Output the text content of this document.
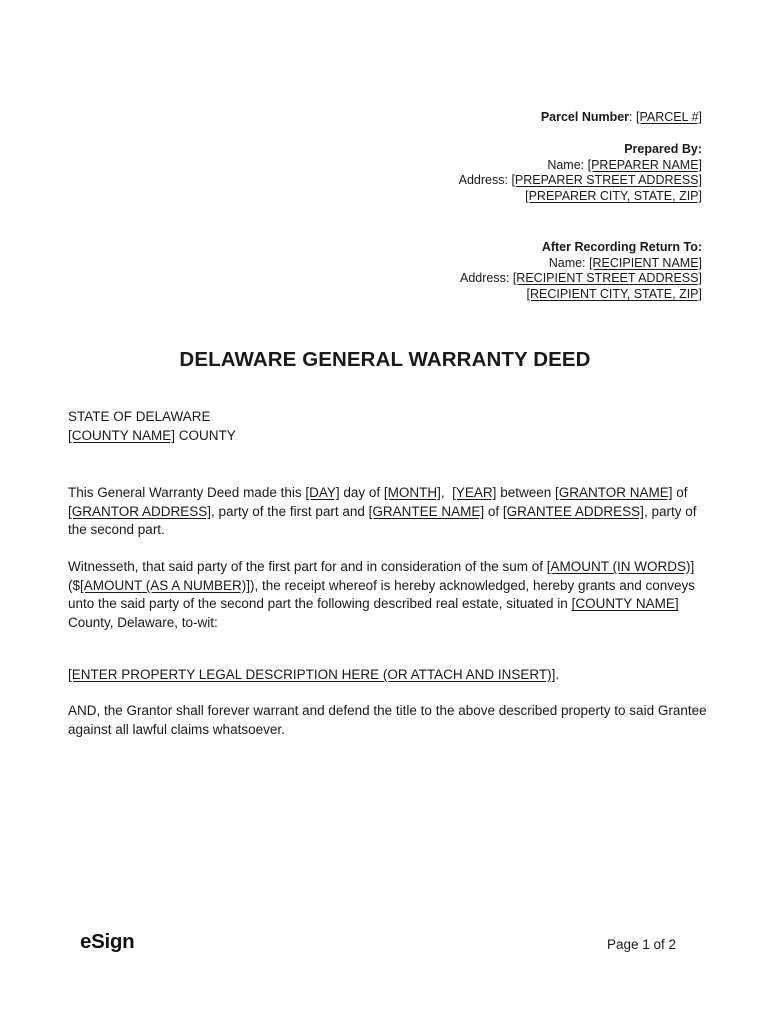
Parcel Number: [PARCEL #]
Prepared By:
Name: [PREPARER NAME]
Address: [PREPARER STREET ADDRESS]
[PREPARER CITY, STATE, ZIP]
After Recording Return To:
Name: [RECIPIENT NAME]
Address: [RECIPIENT STREET ADDRESS]
[RECIPIENT CITY, STATE, ZIP]
DELAWARE GENERAL WARRANTY DEED
STATE OF DELAWARE
[COUNTY NAME] COUNTY
This General Warranty Deed made this [DAY] day of [MONTH],  [YEAR] between [GRANTOR NAME] of [GRANTOR ADDRESS], party of the first part and [GRANTEE NAME] of [GRANTEE ADDRESS], party of the second part.
Witnesseth, that said party of the first part for and in consideration of the sum of [AMOUNT (IN WORDS)] ($[AMOUNT (AS A NUMBER)]), the receipt whereof is hereby acknowledged, hereby grants and conveys unto the said party of the second part the following described real estate, situated in [COUNTY NAME] County, Delaware, to-wit:
[ENTER PROPERTY LEGAL DESCRIPTION HERE (OR ATTACH AND INSERT)].
AND, the Grantor shall forever warrant and defend the title to the above described property to said Grantee against all lawful claims whatsoever.
eSign	Page 1 of 2
